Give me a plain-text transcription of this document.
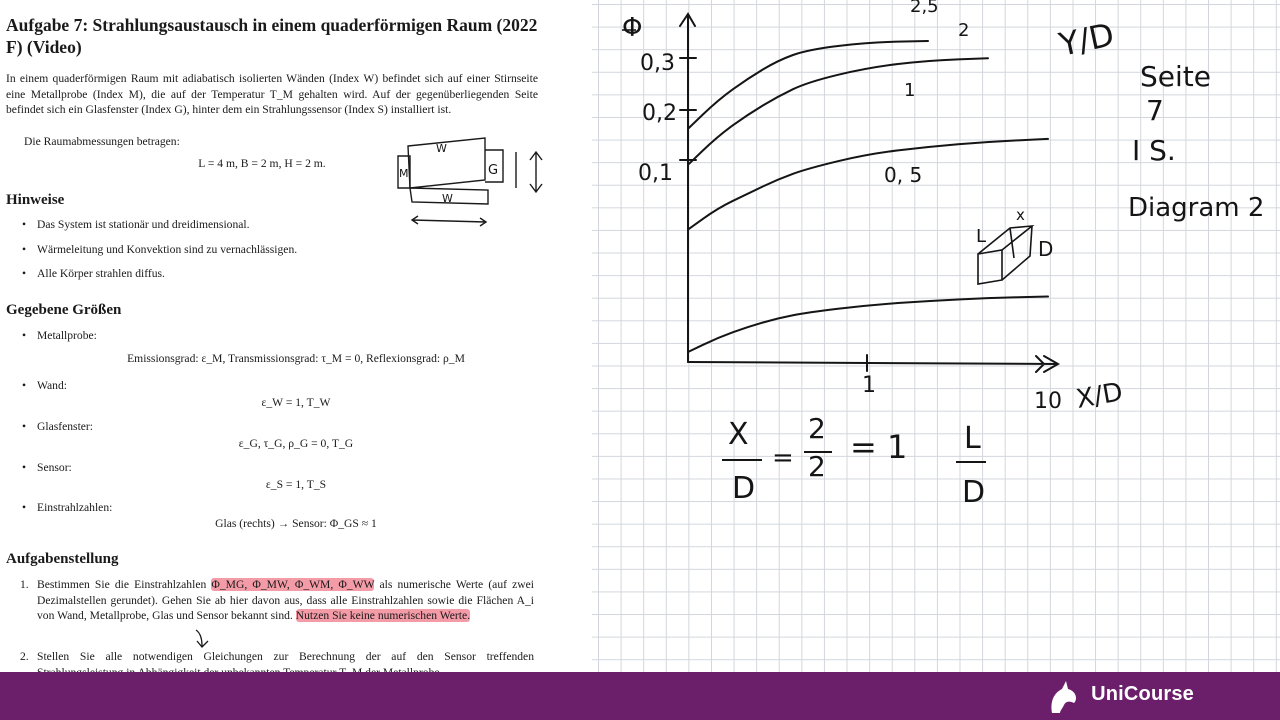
Aufgabe 7: Strahlungsaustausch in einem quaderförmigen Raum (2022 F) (Video)
In einem quaderförmigen Raum mit adiabatisch isolierten Wänden (Index W) befindet sich auf einer Stirnseite eine Metallprobe (Index M), die auf der Temperatur T_M gehalten wird. Auf der gegenüberliegenden Seite befindet sich ein Glasfenster (Index G), hinter dem ein Strahlungssensor (Index S) installiert ist.
Die Raumabmessungen betragen:
L = 4 m, B = 2 m, H = 2 m.
W
W
M	G
Hinweise
• Das System ist stationär und dreidimensional.
• Wärmeleitung und Konvektion sind zu vernachlässigen.
• Alle Körper strahlen diffus.
Gegebene Größen
• Metallprobe:
Emissionsgrad: ε_M, Transmissionsgrad: τ_M = 0, Reflexionsgrad: ρ_M
• Wand:
ε_W = 1, T_W
• Glasfenster:
ε_G, τ_G, ρ_G = 0, T_G
• Sensor:
ε_S = 1, T_S
• Einstrahlzahlen:
Glas (rechts) → Sensor: Φ_GS ≈ 1
Aufgabenstellung
1. Bestimmen Sie die Einstrahlzahlen Φ_MG, Φ_MW, Φ_WM, Φ_WW als numerische Werte (auf zwei Dezimalstellen gerundet). Gehen Sie ab hier davon aus, dass alle Einstrahlzahlen sowie die Flächen A_i von Wand, Metallprobe, Glas und Sensor bekannt sind. Nutzen Sie keine numerischen Werte.
2. Stellen Sie alle notwendigen Gleichungen zur Berechnung der auf den Sensor treffenden
Φ
0,3
0,2
0,1
1
10 X/D
Y/D
2,5
2
1
0, 5
L
x
D
Seite
7
I S.
Diagram 2
X
D
=
2
2
= 1 L
D
UniCourse
